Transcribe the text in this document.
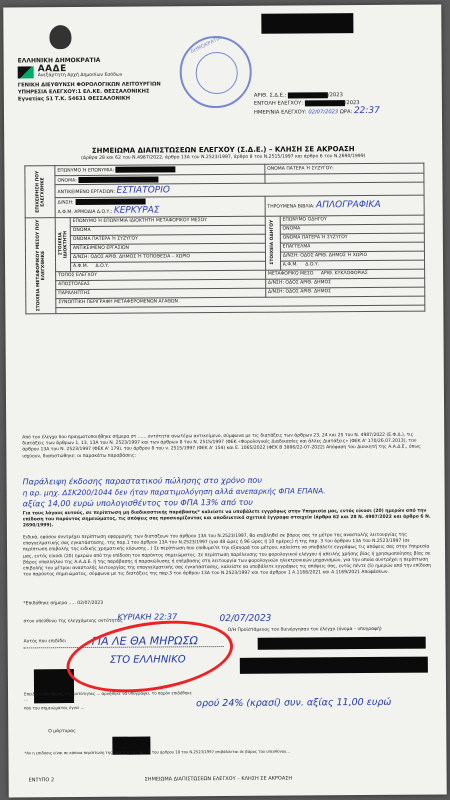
ΕΛΛΗΝΙΚΗ ΔΗΜΟΚΡΑΤΙΑ
ΑΑΔΕ
Ανεξάρτητη Αρχή Δημοσίων Εσόδων
ΓΕΝΙΚΗ ΔΙΕΥΘΥΝΣΗ ΦΟΡΟΛΟΓΙΚΩΝ ΛΕΙΤΟΥΡΓΙΩΝ
ΥΠΗΡΕΣΙΑ ΕΛΕΓΧΟΥ:1 ΕΛ.ΚΕ. ΘΕΣΣΑΛΟΝΙΚΗΣ
Εγνατίας 51 Τ.Κ. 54631 ΘΕΣΣΑΛΟΝΙΚΗ
ΔΗΜΟΚΡΑΤΙΑ
ΑΡΙΘ. Σ.Δ.Ε.:	/2023
ΕΝΤΟΛΗ ΕΛΕΓΧΟΥ:	/2023
ΗΜΕΡ/ΝΙΑ ΕΛΕΓΧΟΥ: 02/07/2023 ΩΡΑ: 22:37
ΣΗΜΕΙΩΜΑ ΔΙΑΠΙΣΤΩΣΕΩΝ ΕΛΕΓΧΟΥ (Σ.Δ.Ε.) – ΚΛΗΣΗ ΣΕ ΑΚΡΟΑΣΗ
(άρθρα 28 και 62 του Ν.4987/2022, άρθρο 13Α του Ν.2523/1997, άρθρο 8 του Ν.2515/1997 και άρθρο 6 του Ν.2690/1999)
ΕΠΙΧΕΙΡΗΣΗ ΠΟΥ ΕΛΕΓΧΘΗΚΕ	ΕΠΩΝΥΜΟ Ή ΕΠΩΝΥΜΙΑ:		ΟΝΟΜΑ ΠΑΤΕΡΑ Ή ΣΥΖΥΓΟΥ:	
	ΟΝΟΜΑ:			
	ΑΝΤΙΚΕΙΜΕΝΟ ΕΡΓΑΣΙΩΝ: ΕΣΤΙΑΤΟΡΙΟ			
	Δ/ΝΣΗ:
Α.Φ.Μ. ΑΡΜΟΔΙΑ Δ.Ο.Υ.: ΚΕΡΚΥΡΑΣ		ΤΗΡΟΥΜΕΝΑ ΒΙΒΛΙΑ: ΑΠΛΟΓΡΑΦΙΚΑ	
ΣΤΟΙΧΕΙΑ ΜΕΤΑΦΟΡΙΚΟΥ ΜΕΣΟΥ ΠΟΥ ΕΛΕΓΧΘΗΚΕ	ΣΤΟΙΧΕΙΑ ΙΔΙΟΚΤΗΤΗ	ΕΠΩΝΥΜΟ Ή ΕΠΩΝΥΜΙΑ ΙΔΙΟΚΤΗΤΗ ΜΕΤΑΦΟΡΙΚΟΥ ΜΕΣΟΥ	ΣΤΟΙΧΕΙΑ ΟΔΗΓΟΥ	ΕΠΩΝΥΜΟ ΟΔΗΓΟΥ
		ΟΝΟΜΑ		ΟΝΟΜΑ
		ΟΝΟΜΑ ΠΑΤΕΡΑ Ή ΣΥΖΥΓΟΥ		ΟΝΟΜΑ ΠΑΤΕΡΑ Ή ΣΥΖΥΓΟΥ
		ΑΝΤΙΚΕΙΜΕΝΟ ΕΡΓΑΣΙΩΝ		ΕΠΑΓΓΕΛΜΑ
		Δ/ΝΣΗ: ΟΔΟΣ ΑΡΙΘ. ΔΗΜΟΣ Ή ΤΟΠΟΘΕΣΙΑ – ΧΩΡΙΟ		Δ/ΝΣΗ: ΟΔΟΣ ΑΡΙΘ. ΔΗΜΟΣ Ή ΧΩΡΙΟ
		Α.Φ.Μ. Δ.Ο.Υ.		Α.Φ.Μ. Δ.Ο.Υ.
	ΤΟΠΟΣ ΕΛΕΓΧΟΥ		ΜΕΤΑΦΟΡΙΚΟ ΜΕΣΟ ΑΡΙΘ. ΚΥΚΛΟΦΟΡΙΑΣ	
	ΑΠΟΣΤΟΛΕΑΣ		Δ/ΝΣΗ: ΟΔΟΣ ΑΡΙΘ. ΔΗΜΟΣ	
	ΠΑΡΑΛΗΠΤΗΣ		Δ/ΝΣΗ: ΟΔΟΣ ΑΡΙΘ. ΔΗΜΟΣ	
	ΣΥΝΟΠΤΙΚΗ ΠΕΡΙΓΡΑΦΗ ΜΕΤΑΦΕΡΟΜΕΝΩΝ ΑΓΑΘΩΝ			

Από τον έλεγχο που πραγματοποιήθηκε σήμερα στ ...... οντότητα ανωτέρω αντικείμενο, σύμφωνα με τις διατάξεις των άρθρων 23, 24 και 25 του Ν. 4987/2022 (Ε.Φ.Δ.), τις διατάξεις των άρθρων 1, 13, 13Α του Ν. 2523/1997 και των άρθρων 8 του Ν. 2515/1997 (ΦΕΚ «Φορολογικές Διαδικασίες και άλλες Διατάξεις» (ΦΕΚ Α' 170/26.07.2013), του άρθρου 13Α του Ν. 2523/1997 (ΦΕΚ Α' 179), του άρθρου 8 του ν. 2515/1997 (ΦΕΚ Α' 154) και Ε. 1065/2022 (ΦΕΚ Β 3886/22-07-2022) Απόφαση του Διοικητή της Α.Α.Δ.Ε., όπως ισχύουν, διαπιστώθηκε: οι παρακάτω παραβάσεις:
Παράλειψη έκδοσης παραστατικού πώλησης στο χρόνο που
η αρ. μηχ. ΔΣΚ200/1044 δεν ήταν παρατιμολόγηση αλλά ανεπαρκής ΦΠΑ ΕΠΑΝΑ.
αξίας 14,00 ευρώ υπολογισθέντος του ΦΠΑ 13% από του
Για τους λόγους αυτούς, σε περίπτωση μη διαδικαστικής παράβασης* καλείστε να υποβάλετε εγγράφως στην Υπηρεσία μας, εντός είκοσι (20) ημερών από την επίδοση του παρόντος σημειώματος, τις απόψεις σας προσκομίζοντας και αποδεικτικά σχετικά έγγραφα στοιχεία (άρθρα 62 και 28 Ν. 4987/2022 και άρθρο 6 Ν. 2690/1999).
Ειδικά, εφόσον συντρέχει περίπτωση εφαρμογής των διατάξεων του άρθρου 13Α του Ν.2523/1997, θα επιβληθεί σε βάρος σας το μέτρο της αναστολής λειτουργίας της επαγγελματικής σας εγκατάστασης, της παρ.1 του άρθρου 13Α του Ν.2523/1997 (για 48 ώρες ή 96 ώρες ή 10 ημέρες) ή της παρ. 3 του άρθρου 13Α του Ν.2523/1997 (σε περίπτωση επιβολής της ειδικής χρηματικής κύρωσης...) Σε περίπτωση που επιθυμείτε την εξαγορά του μέτρου, καλείστε να υποβάλετε εγγράφως τις απόψεις σας στην Υπηρεσία μας, εντός είκοσι (20) ημερών από την επίδοση του παρόντος σημειώματος. Σε περίπτωση παρέλευσης του φορολογικού ελέγχου ή απειλής χρήσης βίας ή χρησιμοποίησης βίας σε βάρος υπαλλήλου της Α.Α.Δ.Ε. ή της παράβασης ή παρακώλυσης ή επέμβασης στη λειτουργία των φορολογικών ηλεκτρονικών μηχανισμών, για την οποία συντρέχει η περίπτωση επιβολής του μέτρου αναστολής λειτουργίας της επαγγελματικής σας εγκατάστασης, καλείστε να υποβάλετε εγγράφως τις απόψεις σας, εντός πέντε (5) ημερών από την επίδοση του παρόντος σημειώματος, σύμφωνα με τις διατάξεις της παρ.3 του άρθρου 13Α του Ν.2523/1997 και του άρθρου 1 Α.1166/2021 και Α.1169/2021 Αποφάσεων.
*Επιδόθηκε σήμερα ..... 02/07/2023
ΚΥΡΙΑΚΗ 22:37
στον υπεύθυνο της ελεγχόμενης οντότητας	02/07/2023
Ο/Η Προϊστάμενος του διενέργησαν τον έλεγχο (όνομα – υπογραφή)
Αυτός που επιδίδει	ΓΙΑ ΛΕ ΘΑ ΜΗΡΩΣΩ
ΣΤΟ ΕΛΛΗΝΙΚΟ
ορού 24% (κρασί) συν. αξίας 11,00 ευρώ
Επειδή ο υπεύθυνος της οντότητας ... αρνήθηκε να υπογράψει, το παρόν επιδόθηκε ...
που του σημειώματος έγινε ...
Ο μάρτυρας
*Αν η επιδοσις είναι σε κάποια περίπτωση της παρ. 7 ή της παρ. 8 του άρθρου 18 του Ν.2523/1997 επιβάλλεται σε βάρος του υπευθύνου...
ΕΝΤΥΠΟ 2	ΣΗΜΕΙΩΜΑ ΔΙΑΠΙΣΤΩΣΕΩΝ ΕΛΕΓΧΟΥ – ΚΛΗΣΗ ΣΕ ΑΚΡΟΑΣΗ
